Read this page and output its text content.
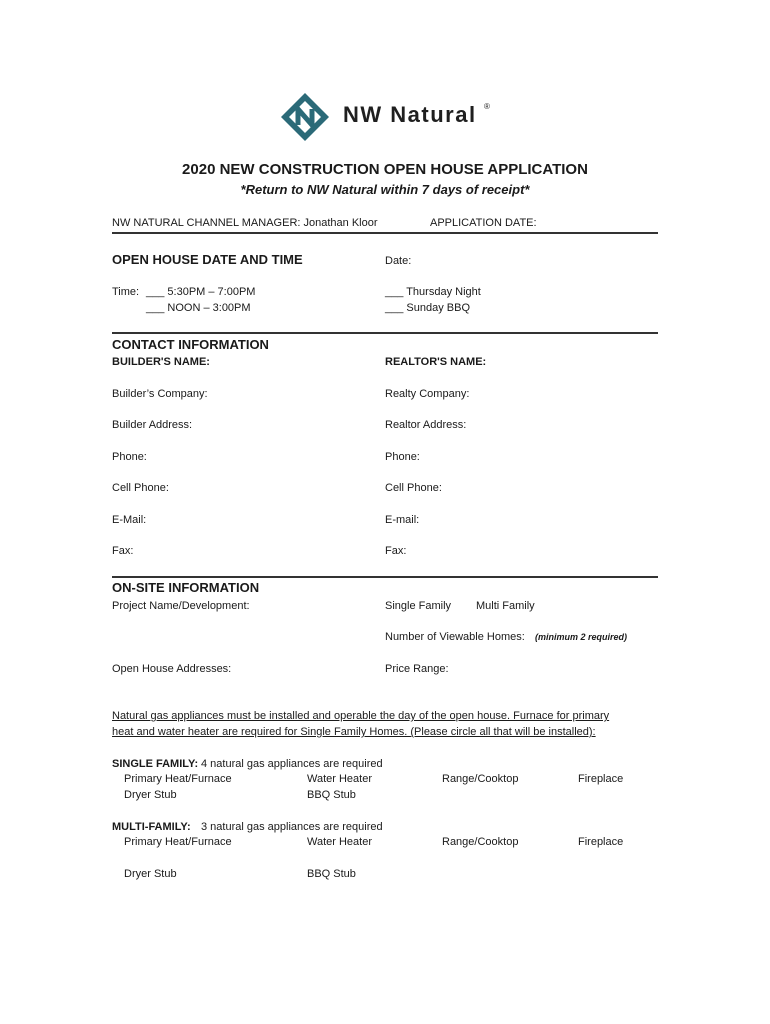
NW Natural ®
2020 NEW CONSTRUCTION OPEN HOUSE APPLICATION
*Return to NW Natural within 7 days of receipt*
NW NATURAL CHANNEL MANAGER: Jonathan Kloor	APPLICATION DATE:
OPEN HOUSE DATE AND TIME	Date:
Time: ___ 5:30PM – 7:00PM
___ NOON – 3:00PM
___ Thursday Night
___ Sunday BBQ
CONTACT INFORMATION
BUILDER'S NAME:	REALTOR'S NAME:
Builder’s Company:	Realty Company:
Builder Address:	Realtor Address:
Phone:	Phone:
Cell Phone:	Cell Phone:
E-Mail:	E-mail:
Fax:	Fax:
ON-SITE INFORMATION
Project Name/Development:	Single Family Multi Family
Number of Viewable Homes: (minimum 2 required)
Open House Addresses:	Price Range:
Natural gas appliances must be installed and operable the day of the open house. Furnace for primary
heat and water heater are required for Single Family Homes. (Please circle all that will be installed):
SINGLE FAMILY: 4 natural gas appliances are required
Primary Heat/Furnace	Water Heater	Range/Cooktop	Fireplace
Dryer Stub	BBQ Stub
MULTI-FAMILY: 3 natural gas appliances are required
Primary Heat/Furnace	Water Heater	Range/Cooktop	Fireplace
Dryer Stub	BBQ Stub
